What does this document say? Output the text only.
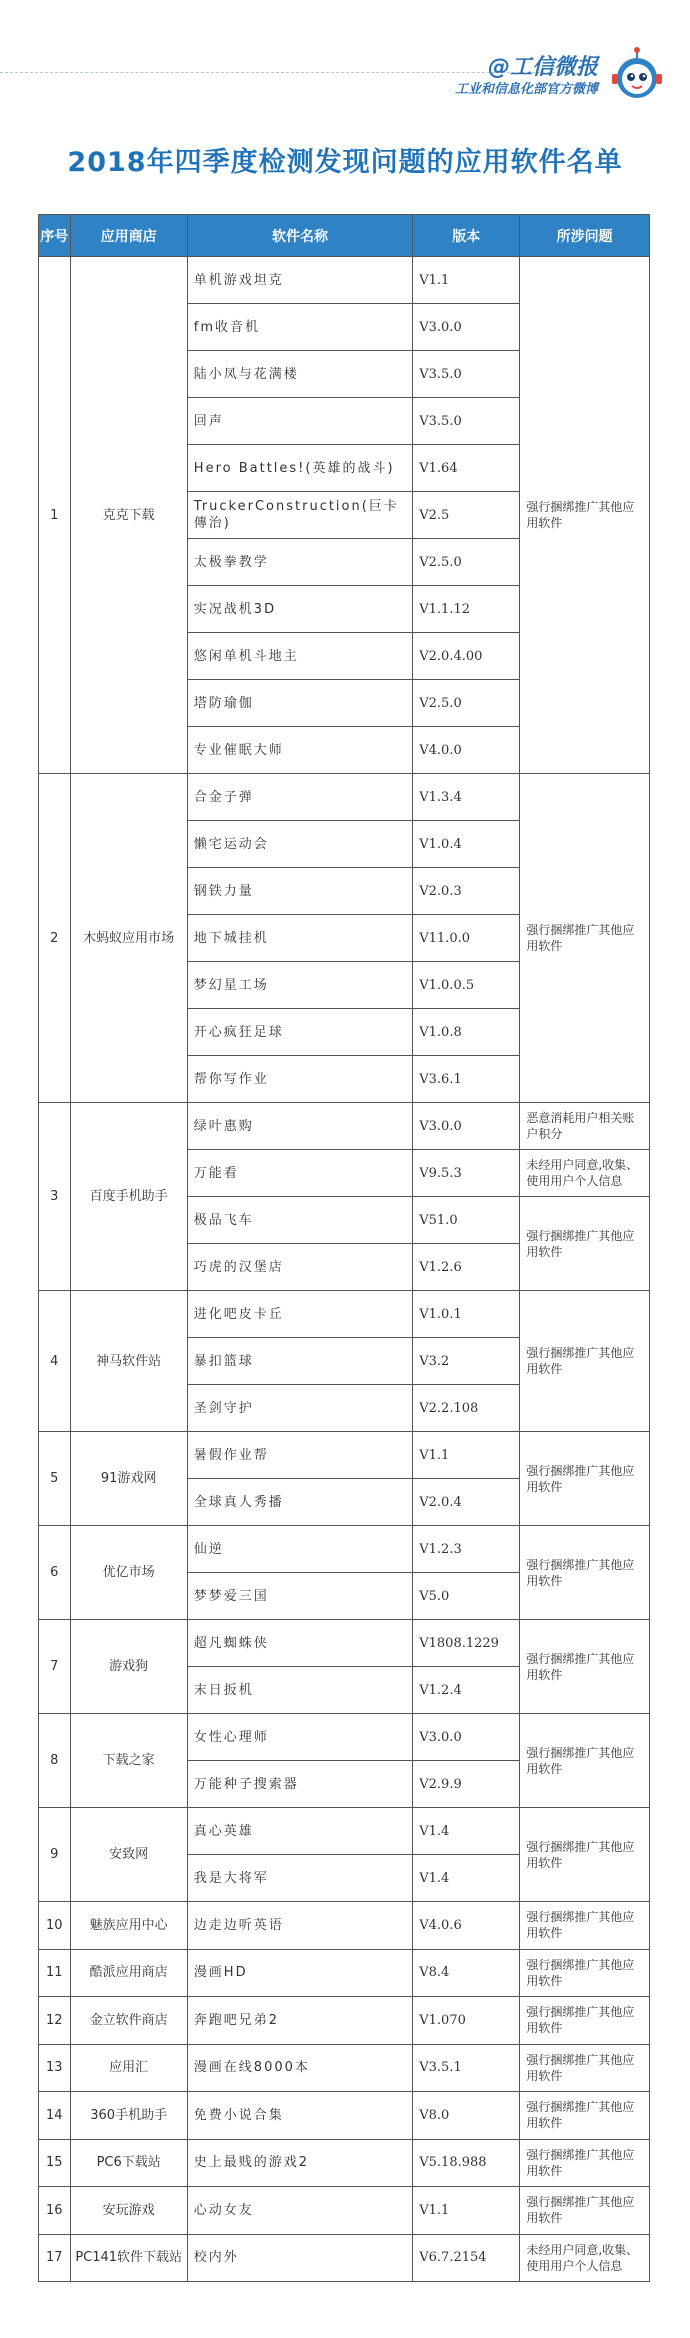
@工信微报
工业和信息化部官方微博
2018年四季度检测发现问题的应用软件名单
序号	应用商店	软件名称	版本	所涉问题
1	克克下载	单机游戏坦克	V1.1	强行捆绑推广其他应用软件
		fm收音机	V3.0.0	
		陆小凤与花满楼	V3.5.0	
		回声	V3.5.0	
		Hero Battles!(英雄的战斗)	V1.64	
		TruckerConstruction(巨卡傳治)	V2.5	
		太极拳教学	V2.5.0	
		实况战机3D	V1.1.12	
		悠闲单机斗地主	V2.0.4.00	
		塔防瑜伽	V2.5.0	
		专业催眠大师	V4.0.0	
2	木蚂蚁应用市场	合金子弹	V1.3.4	强行捆绑推广其他应用软件
		懒宅运动会	V1.0.4	
		钢铁力量	V2.0.3	
		地下城挂机	V11.0.0	
		梦幻星工场	V1.0.0.5	
		开心疯狂足球	V1.0.8	
		帮你写作业	V3.6.1	
3	百度手机助手	绿叶惠购	V3.0.0	恶意消耗用户相关账户积分
		万能看	V9.5.3	未经用户同意,收集、使用用户个人信息
		极品飞车	V51.0	强行捆绑推广其他应用软件
		巧虎的汉堡店	V1.2.6	
4	神马软件站	进化吧皮卡丘	V1.0.1	强行捆绑推广其他应用软件
		暴扣篮球	V3.2	
		圣剑守护	V2.2.108	
5	91游戏网	暑假作业帮	V1.1	强行捆绑推广其他应用软件
		全球真人秀播	V2.0.4	
6	优亿市场	仙逆	V1.2.3	强行捆绑推广其他应用软件
		梦梦爱三国	V5.0	
7	游戏狗	超凡蜘蛛侠	V1808.1229	强行捆绑推广其他应用软件
		末日扳机	V1.2.4	
8	下载之家	女性心理师	V3.0.0	强行捆绑推广其他应用软件
		万能种子搜索器	V2.9.9	
9	安致网	真心英雄	V1.4	强行捆绑推广其他应用软件
		我是大将军	V1.4	
10	魅族应用中心	边走边听英语	V4.0.6	强行捆绑推广其他应用软件
11	酷派应用商店	漫画HD	V8.4	强行捆绑推广其他应用软件
12	金立软件商店	奔跑吧兄弟2	V1.070	强行捆绑推广其他应用软件
13	应用汇	漫画在线8000本	V3.5.1	强行捆绑推广其他应用软件
14	360手机助手	免费小说合集	V8.0	强行捆绑推广其他应用软件
15	PC6下载站	史上最贱的游戏2	V5.18.988	强行捆绑推广其他应用软件
16	安玩游戏	心动女友	V1.1	强行捆绑推广其他应用软件
17	PC141软件下载站	校内外	V6.7.2154	未经用户同意,收集、使用用户个人信息
